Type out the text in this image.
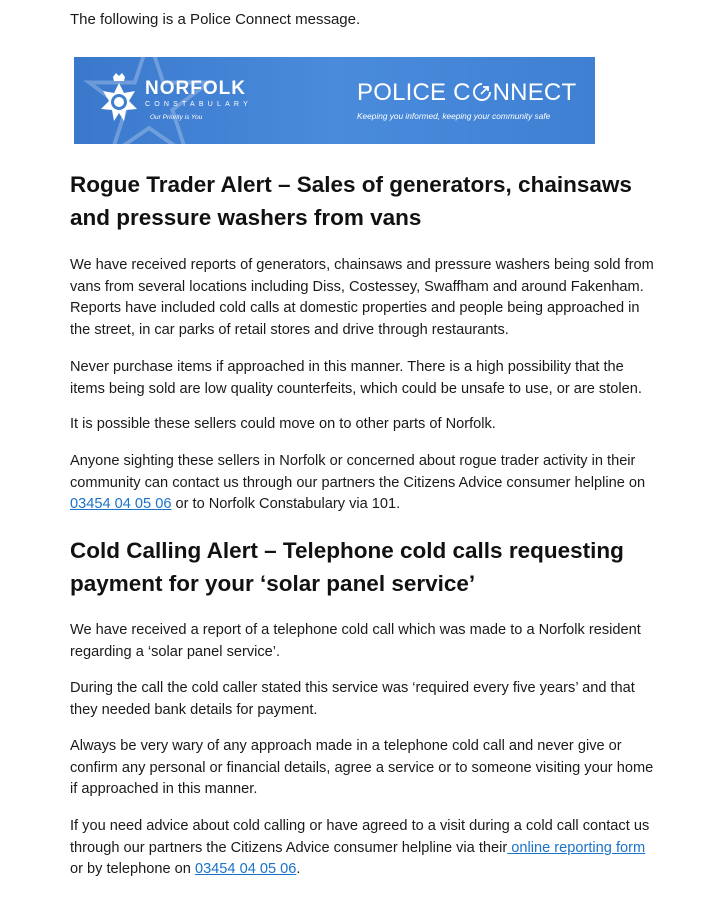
The following is a Police Connect message.

NORFOLK
CONSTABULARY
Our Priority is You
POLICE C NNECT
Keeping you informed, keeping your community safe
Rogue Trader Alert – Sales of generators, chainsaws and pressure washers from vans

We have received reports of generators, chainsaws and pressure washers being sold from vans from several locations including Diss, Costessey, Swaffham and around Fakenham. Reports have included cold calls at domestic properties and people being approached in the street, in car parks of retail stores and drive through restaurants.

Never purchase items if approached in this manner. There is a high possibility that the items being sold are low quality counterfeits, which could be unsafe to use, or are stolen.

It is possible these sellers could move on to other parts of Norfolk.

Anyone sighting these sellers in Norfolk or concerned about rogue trader activity in their community can contact us through our partners the Citizens Advice consumer helpline on 03454 04 05 06 or to Norfolk Constabulary via 101.

Cold Calling Alert – Telephone cold calls requesting payment for your ‘solar panel service’

We have received a report of a telephone cold call which was made to a Norfolk resident regarding a ‘solar panel service’.

During the call the cold caller stated this service was ‘required every five years’ and that they needed bank details for payment.

Always be very wary of any approach made in a telephone cold call and never give or confirm any personal or financial details, agree a service or to someone visiting your home if approached in this manner.

If you need advice about cold calling or have agreed to a visit during a cold call contact us through our partners the Citizens Advice consumer helpline via their online reporting form or by telephone on 03454 04 05 06.
